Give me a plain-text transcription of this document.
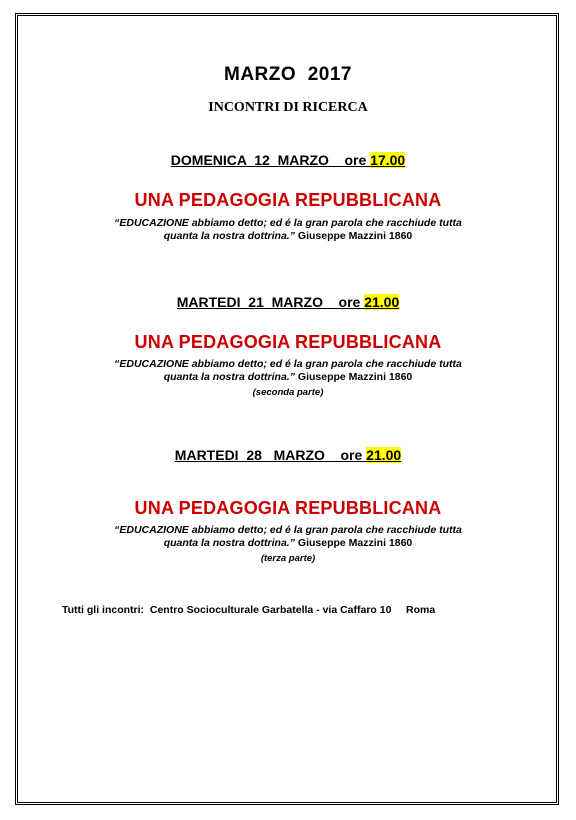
MARZO  2017
INCONTRI DI RICERCA
DOMENICA  12  MARZO    ore 17.00
UNA PEDAGOGIA REPUBBLICANA
“EDUCAZIONE abbiamo detto; ed é la gran parola che racchiude tutta
quanta la nostra dottrina.” Giuseppe Mazzini 1860
MARTEDI  21  MARZO    ore 21.00
UNA PEDAGOGIA REPUBBLICANA
“EDUCAZIONE abbiamo detto; ed é la gran parola che racchiude tutta
quanta la nostra dottrina.” Giuseppe Mazzini 1860
(seconda parte)
MARTEDI  28   MARZO    ore 21.00
UNA PEDAGOGIA REPUBBLICANA
“EDUCAZIONE abbiamo detto; ed é la gran parola che racchiude tutta
quanta la nostra dottrina.” Giuseppe Mazzini 1860
(terza parte)
Tutti gli incontri:  Centro Socioculturale Garbatella - via Caffaro 10     Roma
